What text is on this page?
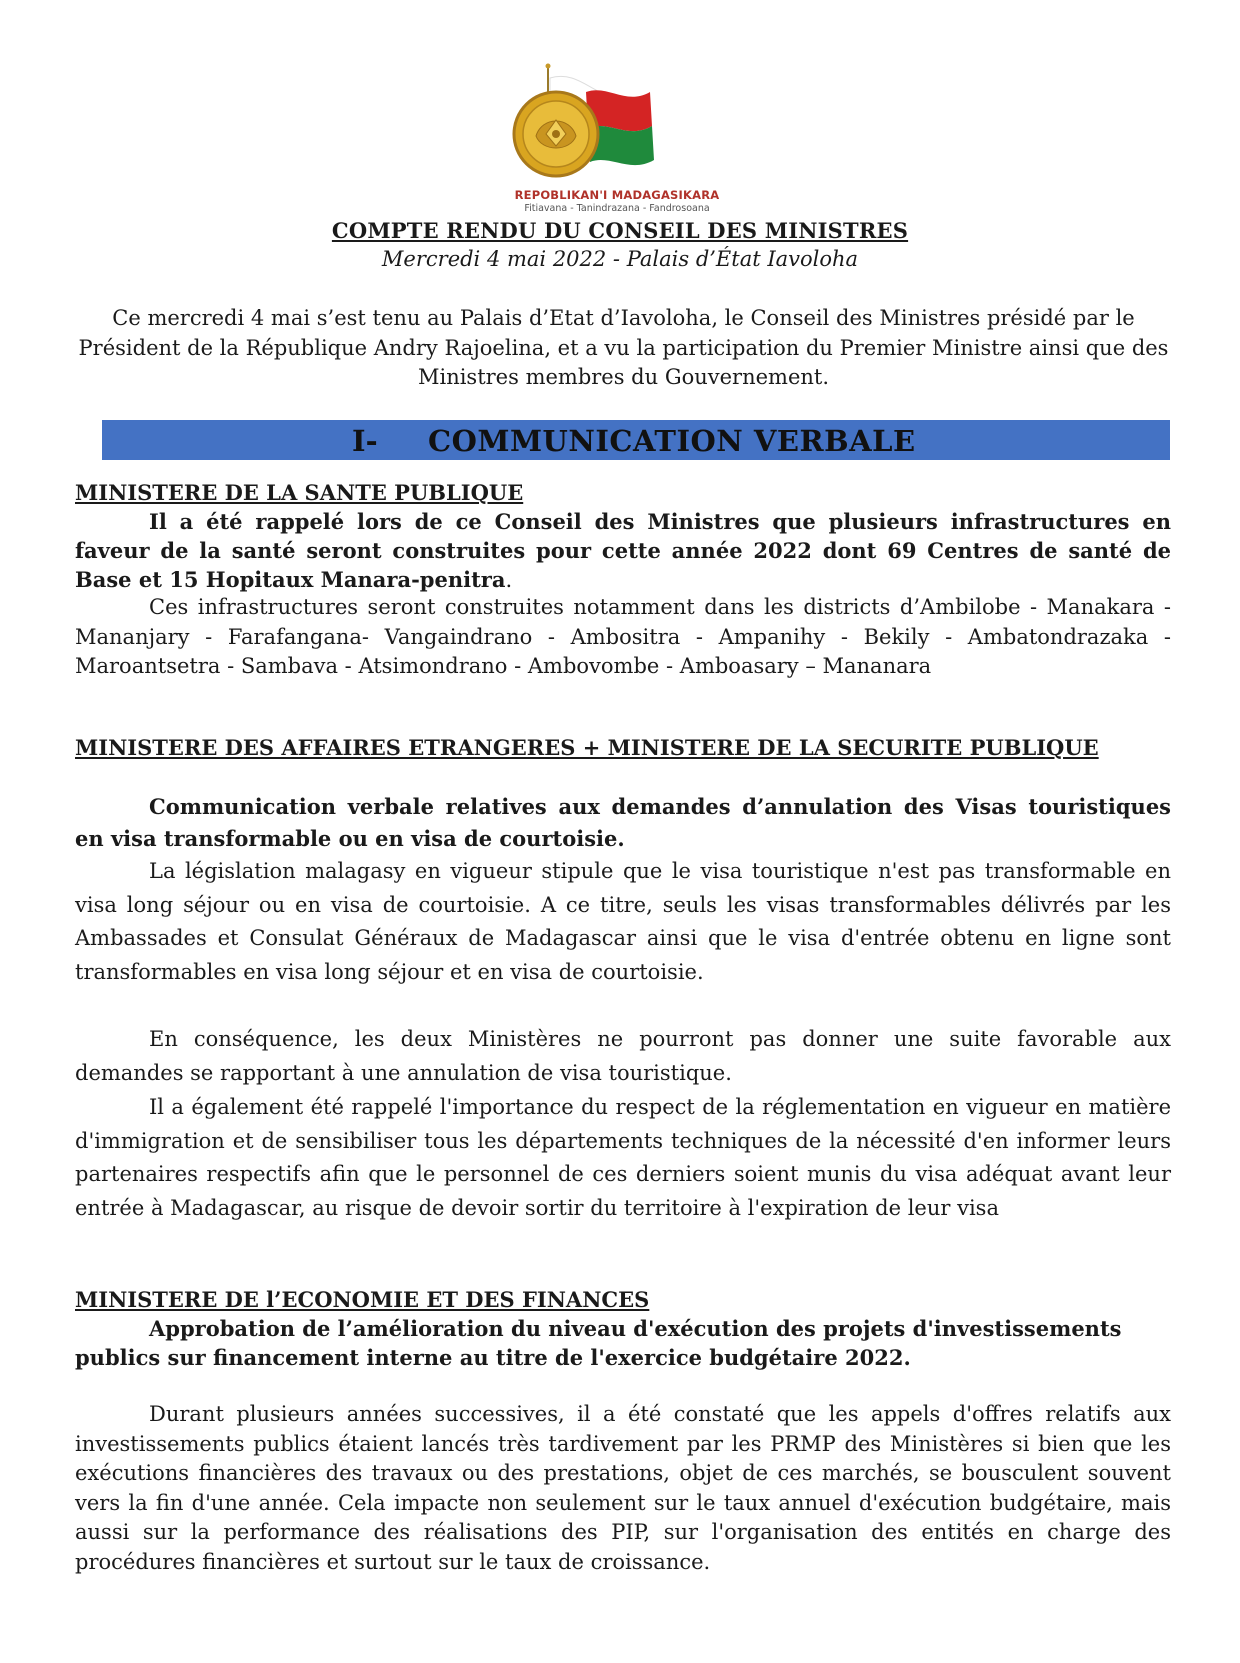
REPOBLIKAN'I MADAGASIKARA
Fitiavana - Tanindrazana - Fandrosoana
COMPTE RENDU DU CONSEIL DES MINISTRES
Mercredi 4 mai 2022 - Palais d’État Iavoloha
Ce mercredi 4 mai s’est tenu au Palais d’Etat d’Iavoloha, le Conseil des Ministres présidé par le Président de la République Andry Rajoelina, et a vu la participation du Premier Ministre ainsi que des Ministres membres du Gouvernement.
I- COMMUNICATION VERBALE
MINISTERE DE LA SANTE PUBLIQUE
Il a été rappelé lors de ce Conseil des Ministres que plusieurs infrastructures en faveur de la santé seront construites pour cette année 2022 dont 69 Centres de santé de Base et 15 Hopitaux Manara-penitra.
Ces infrastructures seront construites notamment dans les districts d’Ambilobe - Manakara - Mananjary - Farafangana- Vangaindrano - Ambositra - Ampanihy - Bekily - Ambatondrazaka - Maroantsetra - Sambava - Atsimondrano - Ambovombe - Amboasary – Mananara
MINISTERE DES AFFAIRES ETRANGERES + MINISTERE DE LA SECURITE PUBLIQUE
Communication verbale relatives aux demandes d’annulation des Visas touristiques en visa transformable ou en visa de courtoisie.
La législation malagasy en vigueur stipule que le visa touristique n'est pas transformable en visa long séjour ou en visa de courtoisie. A ce titre, seuls les visas transformables délivrés par les Ambassades et Consulat Généraux de Madagascar ainsi que le visa d'entrée obtenu en ligne sont transformables en visa long séjour et en visa de courtoisie.
En conséquence, les deux Ministères ne pourront pas donner une suite favorable aux demandes se rapportant à une annulation de visa touristique.
Il a également été rappelé l'importance du respect de la réglementation en vigueur en matière d'immigration et de sensibiliser tous les départements techniques de la nécessité d'en informer leurs partenaires respectifs afin que le personnel de ces derniers soient munis du visa adéquat avant leur entrée à Madagascar, au risque de devoir sortir du territoire à l'expiration de leur visa
MINISTERE DE l’ECONOMIE ET DES FINANCES
Approbation de l’amélioration du niveau d'exécution des projets d'investissements publics sur financement interne au titre de l'exercice budgétaire 2022.
Durant plusieurs années successives, il a été constaté que les appels d'offres relatifs aux investissements publics étaient lancés très tardivement par les PRMP des Ministères si bien que les exécutions financières des travaux ou des prestations, objet de ces marchés, se bousculent souvent vers la fin d'une année. Cela impacte non seulement sur le taux annuel d'exécution budgétaire, mais aussi sur la performance des réalisations des PIP, sur l'organisation des entités en charge des procédures financières et surtout sur le taux de croissance.
